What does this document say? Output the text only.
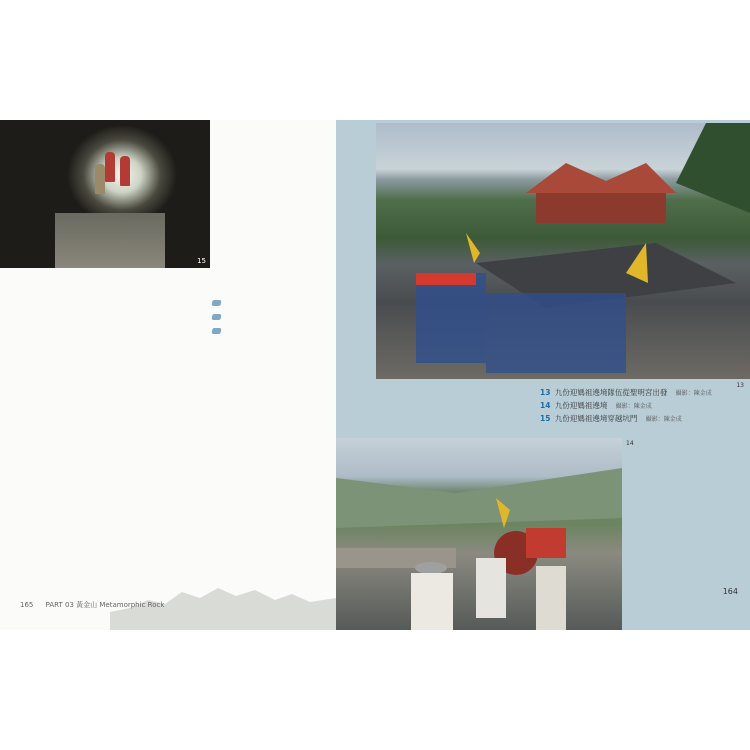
15
165 PART 03 黃金山 Metamorphic Rock
13
13 九份迎媽祖遶境隊伍從聖明宮出發 攝影：陳金成
14 九份迎媽祖遶境 攝影：陳金成
15 九份迎媽祖遶境穿越坑門 攝影：陳金成
14
164
